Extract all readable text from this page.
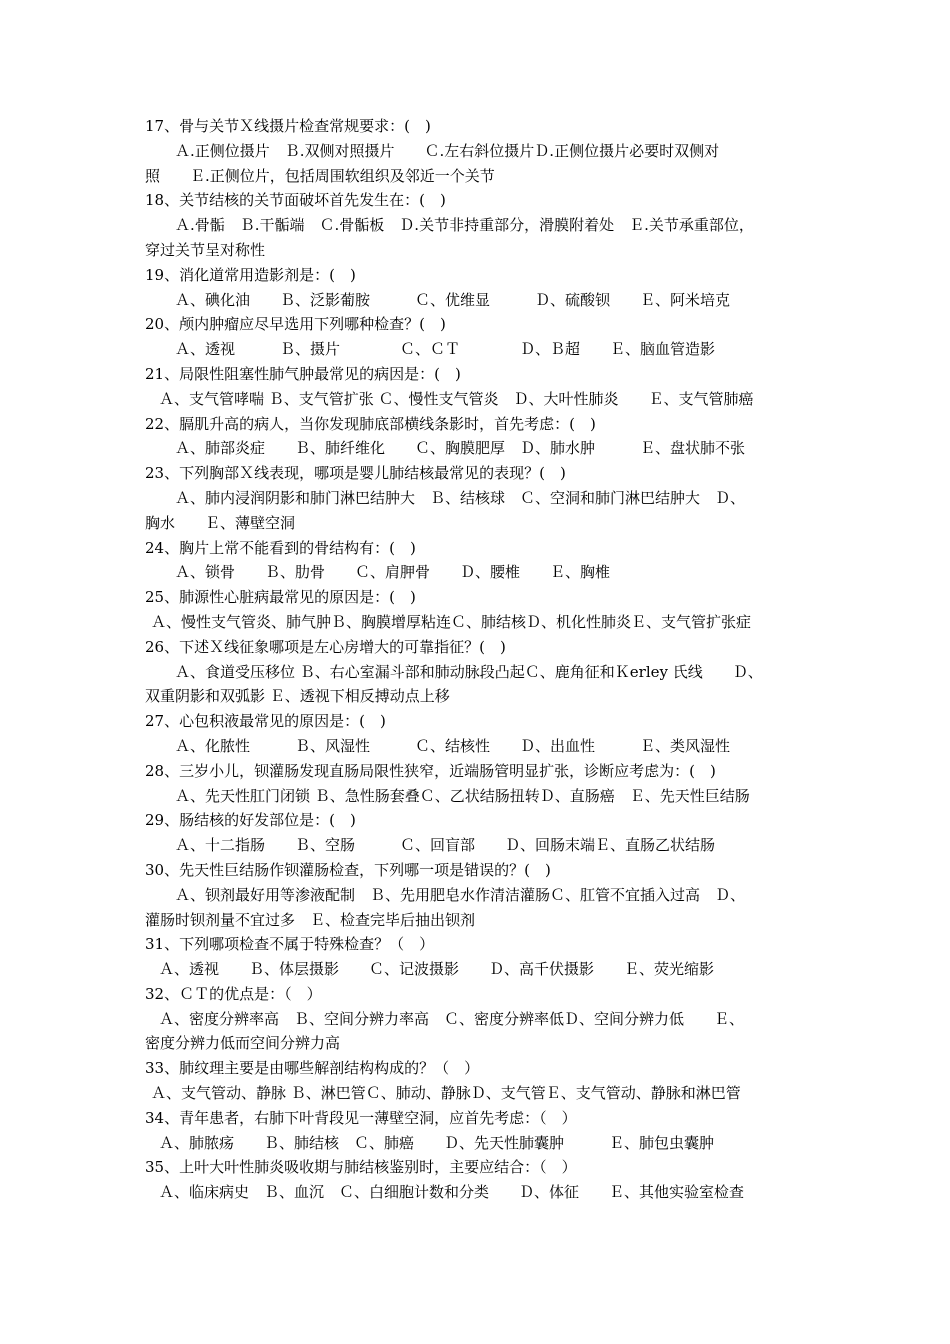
17、骨与关节Ｘ线摄片检查常规要求：(　)
Ａ.正侧位摄片　Ｂ.双侧对照摄片　　Ｃ.左右斜位摄片Ｄ.正侧位摄片必要时双侧对
照　　Ｅ.正侧位片，包括周围软组织及邻近一个关节
18、关节结核的关节面破坏首先发生在：(　)
Ａ.骨骺　Ｂ.干骺端　Ｃ.骨骺板　Ｄ.关节非持重部分，滑膜附着处　Ｅ.关节承重部位，
穿过关节呈对称性
19、消化道常用造影剂是：(　)
Ａ、碘化油　　Ｂ、泛影葡胺　　　Ｃ、优维显　　　Ｄ、硫酸钡　　Ｅ、阿米培克
20、颅内肿瘤应尽早选用下列哪种检查？(　)
Ａ、透视　　　Ｂ、摄片　　　　Ｃ、ＣＴ　　　　Ｄ、Ｂ超　　Ｅ、脑血管造影
21、局限性阻塞性肺气肿最常见的病因是：(　)
Ａ、支气管哮喘 Ｂ、支气管扩张 Ｃ、慢性支气管炎　Ｄ、大叶性肺炎　　Ｅ、支气管肺癌
22、膈肌升高的病人，当你发现肺底部横线条影时，首先考虑：(　)
Ａ、肺部炎症　　Ｂ、肺纤维化　　Ｃ、胸膜肥厚　Ｄ、肺水肿　　　Ｅ、盘状肺不张
23、下列胸部Ｘ线表现，哪项是婴儿肺结核最常见的表现？(　)
Ａ、肺内浸润阴影和肺门淋巴结肿大　Ｂ、结核球　Ｃ、空洞和肺门淋巴结肿大　Ｄ、
胸水　　Ｅ、薄壁空洞
24、胸片上常不能看到的骨结构有：(　)
Ａ、锁骨　　Ｂ、肋骨　　Ｃ、肩胛骨　　Ｄ、腰椎　　Ｅ、胸椎
25、肺源性心脏病最常见的原因是：(　)
Ａ、慢性支气管炎、肺气肿Ｂ、胸膜增厚粘连Ｃ、肺结核Ｄ、机化性肺炎Ｅ、支气管扩张症
26、下述Ｘ线征象哪项是左心房增大的可靠指征？(　)
Ａ、食道受压移位 Ｂ、右心室漏斗部和肺动脉段凸起Ｃ、鹿角征和Ｋerley 氏线　　Ｄ、
双重阴影和双弧影 Ｅ、透视下相反搏动点上移
27、心包积液最常见的原因是：(　)
Ａ、化脓性　　　Ｂ、风湿性　　　Ｃ、结核性　　Ｄ、出血性　　　Ｅ、类风湿性
28、三岁小儿，钡灌肠发现直肠局限性狭窄，近端肠管明显扩张，诊断应考虑为：(　)
Ａ、先天性肛门闭锁 Ｂ、急性肠套叠Ｃ、乙状结肠扭转Ｄ、直肠癌　Ｅ、先天性巨结肠
29、肠结核的好发部位是：(　)
Ａ、十二指肠　　Ｂ、空肠　　　Ｃ、回盲部　　Ｄ、回肠末端Ｅ、直肠乙状结肠
30、先天性巨结肠作钡灌肠检查，下列哪一项是错误的？(　)
Ａ、钡剂最好用等渗液配制　Ｂ、先用肥皂水作清洁灌肠Ｃ、肛管不宜插入过高　Ｄ、
灌肠时钡剂量不宜过多　Ｅ、检查完毕后抽出钡剂
31、下列哪项检查不属于特殊检查？（　）
Ａ、透视　　Ｂ、体层摄影　　Ｃ、记波摄影　　Ｄ、高千伏摄影　　Ｅ、荧光缩影
32、ＣＴ的优点是：（　）
Ａ、密度分辨率高　Ｂ、空间分辨力率高　Ｃ、密度分辨率低Ｄ、空间分辨力低　　Ｅ、
密度分辨力低而空间分辨力高
33、肺纹理主要是由哪些解剖结构构成的？（　）
Ａ、支气管动、静脉 Ｂ、淋巴管Ｃ、肺动、静脉Ｄ、支气管Ｅ、支气管动、静脉和淋巴管
34、青年患者，右肺下叶背段见一薄壁空洞，应首先考虑：（　）
Ａ、肺脓疡　　Ｂ、肺结核　Ｃ、肺癌　　Ｄ、先天性肺囊肿　　　Ｅ、肺包虫囊肿
35、上叶大叶性肺炎吸收期与肺结核鉴别时，主要应结合：（　）
Ａ、临床病史　Ｂ、血沉　Ｃ、白细胞计数和分类　　Ｄ、体征　　Ｅ、其他实验室检查
